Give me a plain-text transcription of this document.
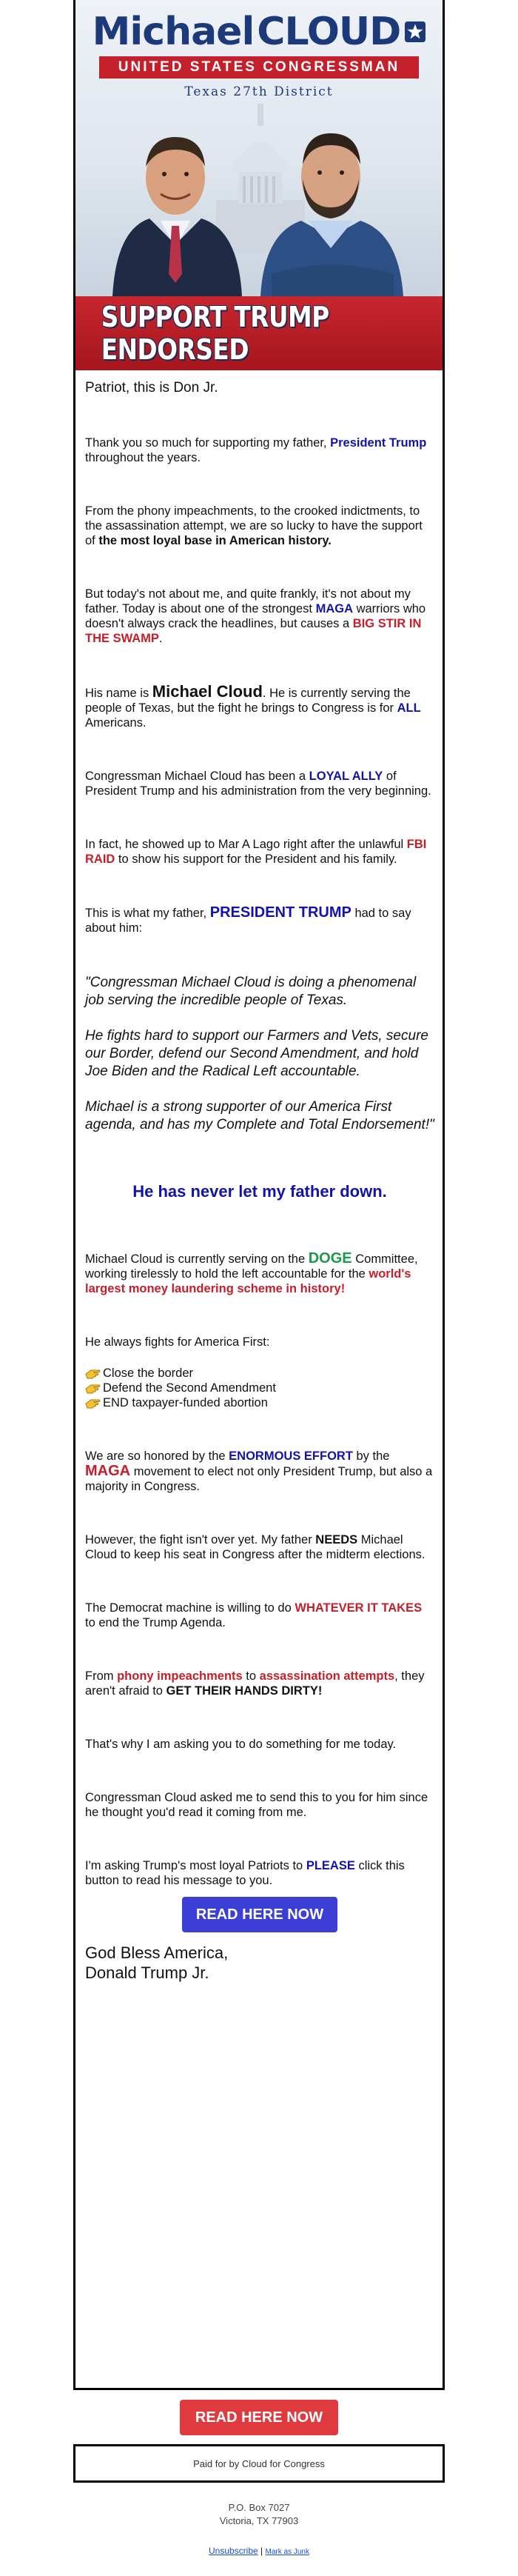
Michael CLOUD
UNITED STATES CONGRESSMAN
Texas 27th District
SUPPORT TRUMP ENDORSED

Patriot, this is Don Jr.

Thank you so much for supporting my father, President Trump throughout the years.

From the phony impeachments, to the crooked indictments, to the assassination attempt, we are so lucky to have the support of the most loyal base in American history.

But today's not about me, and quite frankly, it's not about my father. Today is about one of the strongest MAGA warriors who doesn't always crack the headlines, but causes a BIG STIR IN THE SWAMP.

His name is Michael Cloud. He is currently serving the people of Texas, but the fight he brings to Congress is for ALL Americans.

Congressman Michael Cloud has been a LOYAL ALLY of President Trump and his administration from the very beginning.

In fact, he showed up to Mar A Lago right after the unlawful FBI RAID to show his support for the President and his family.

This is what my father, PRESIDENT TRUMP had to say about him:

"Congressman Michael Cloud is doing a phenomenal job serving the incredible people of Texas.

He fights hard to support our Farmers and Vets, secure our Border, defend our Second Amendment, and hold Joe Biden and the Radical Left accountable.

Michael is a strong supporter of our America First agenda, and has my Complete and Total Endorsement!"

He has never let my father down.

Michael Cloud is currently serving on the DOGE Committee, working tirelessly to hold the left accountable for the world's largest money laundering scheme in history!

He always fights for America First:

Close the border
Defend the Second Amendment
END taxpayer-funded abortion

We are so honored by the ENORMOUS EFFORT by the MAGA movement to elect not only President Trump, but also a majority in Congress.

However, the fight isn't over yet. My father NEEDS Michael Cloud to keep his seat in Congress after the midterm elections.

The Democrat machine is willing to do WHATEVER IT TAKES to end the Trump Agenda.

From phony impeachments to assassination attempts, they aren't afraid to GET THEIR HANDS DIRTY!

That's why I am asking you to do something for me today.

Congressman Cloud asked me to send this to you for him since he thought you'd read it coming from me.

I'm asking Trump's most loyal Patriots to PLEASE click this button to read his message to you.

READ HERE NOW

God Bless America,

Donald Trump Jr.

READ HERE NOW
Paid for by Cloud for Congress
P.O. Box 7027
Victoria, TX 77903
Unsubscribe | Mark as Junk
